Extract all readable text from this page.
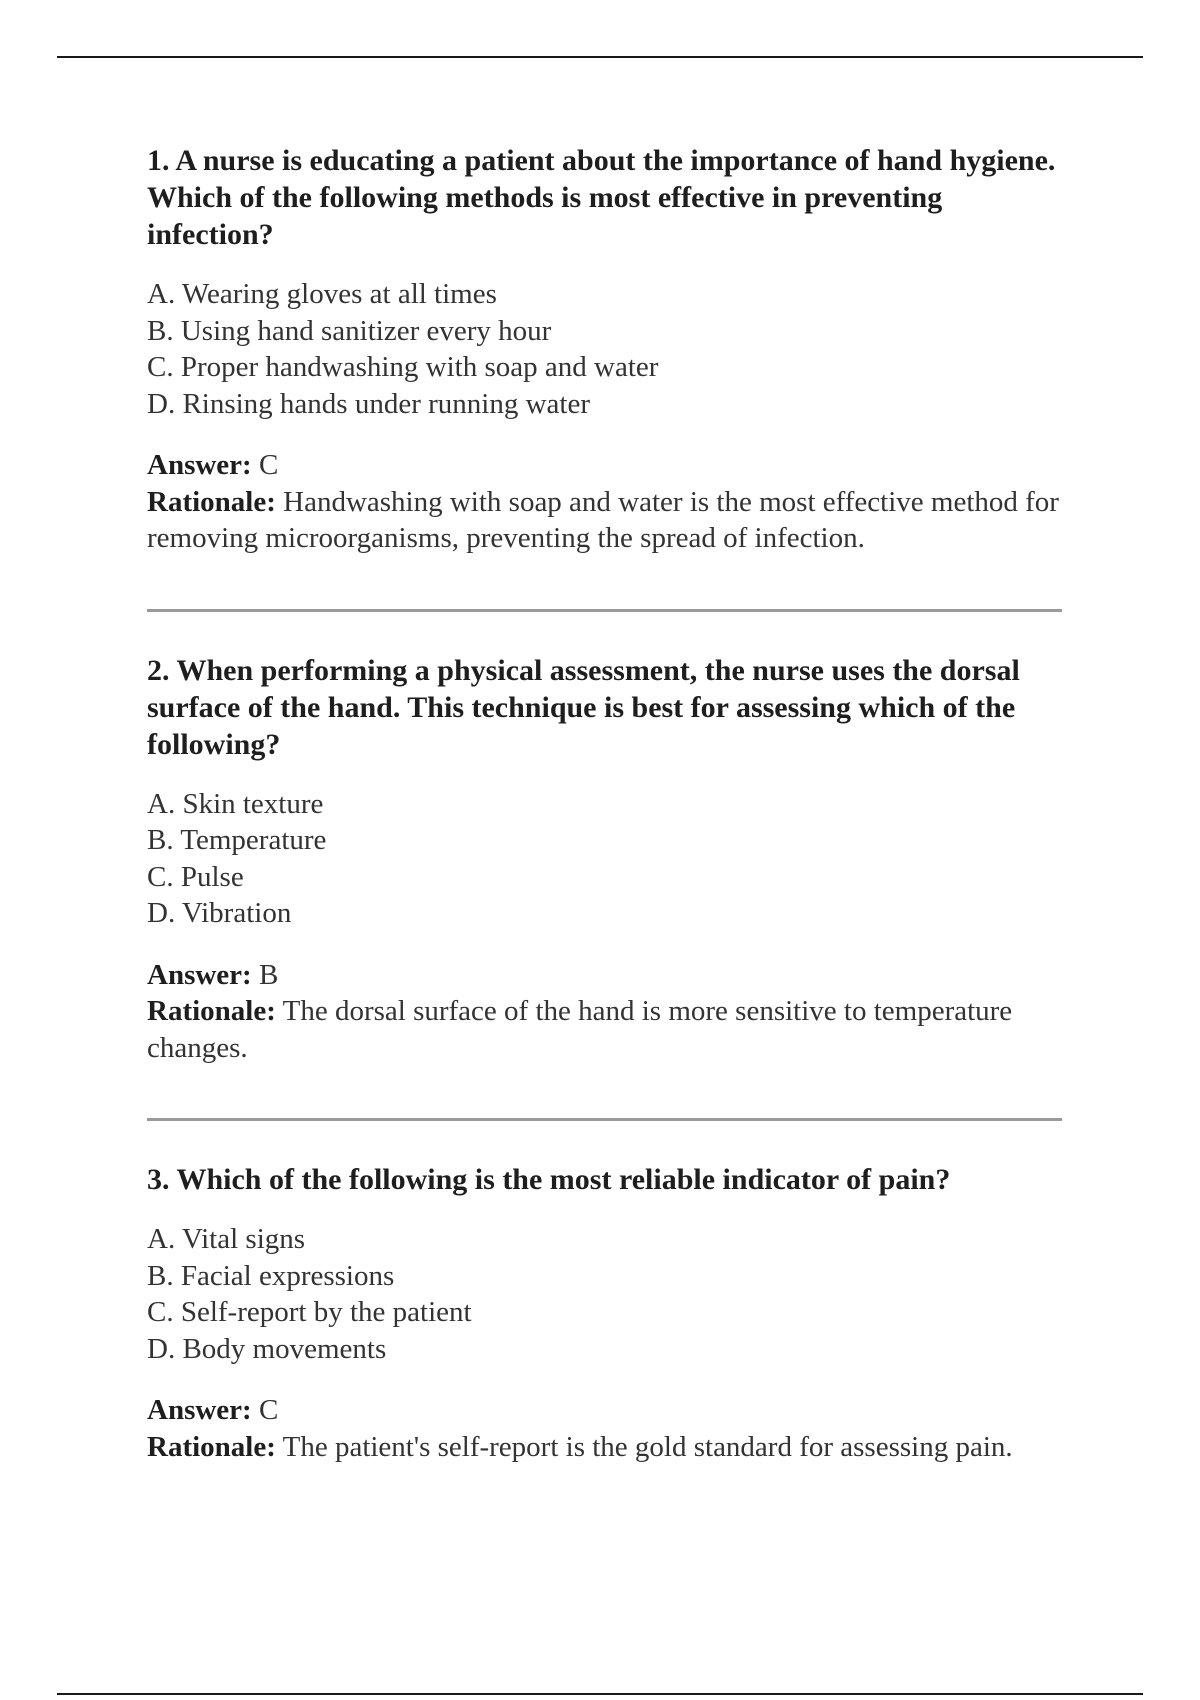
1. A nurse is educating a patient about the importance of hand hygiene. Which of the following methods is most effective in preventing infection?

A. Wearing gloves at all times
B. Using hand sanitizer every hour
C. Proper handwashing with soap and water
D. Rinsing hands under running water
Answer: C
Rationale: Handwashing with soap and water is the most effective method for removing microorganisms, preventing the spread of infection.

2. When performing a physical assessment, the nurse uses the dorsal surface of the hand. This technique is best for assessing which of the following?

A. Skin texture
B. Temperature
C. Pulse
D. Vibration
Answer: B
Rationale: The dorsal surface of the hand is more sensitive to temperature changes.

3. Which of the following is the most reliable indicator of pain?

A. Vital signs
B. Facial expressions
C. Self-report by the patient
D. Body movements
Answer: C
Rationale: The patient's self-report is the gold standard for assessing pain.
